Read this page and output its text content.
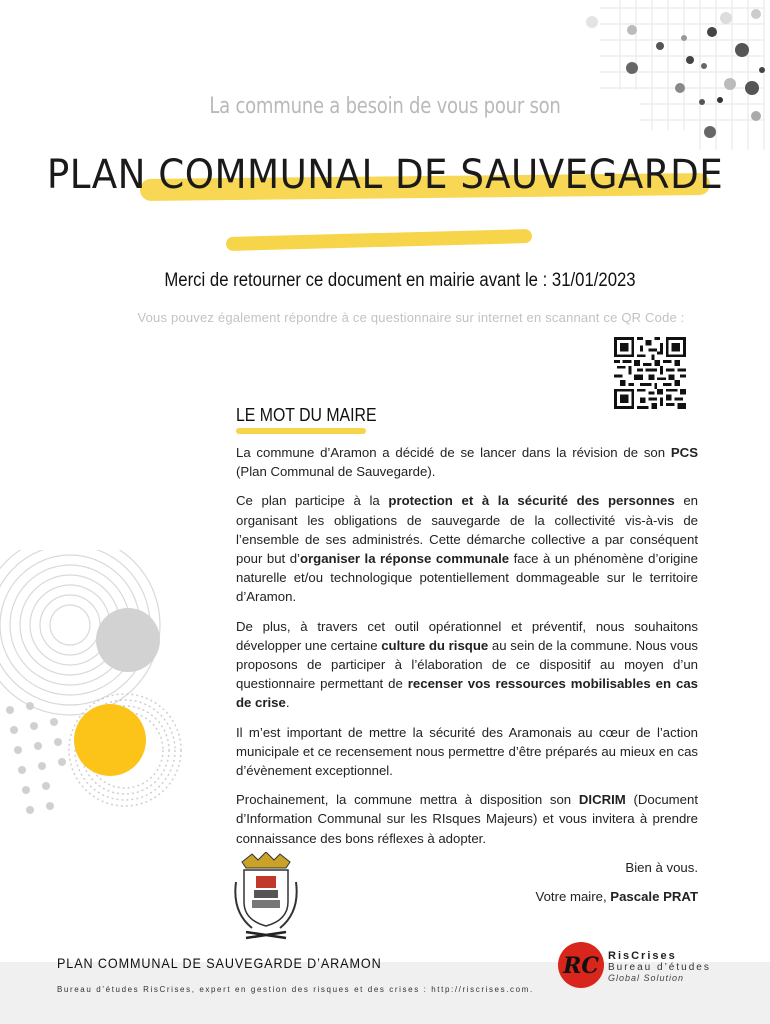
La commune a besoin de vous pour son
PLAN COMMUNAL DE SAUVEGARDE
Merci de retourner ce document en mairie avant le : 31/01/2023
Vous pouvez également répondre à ce questionnaire sur internet en scannant ce QR Code :
LE MOT DU MAIRE

La commune d’Aramon a décidé de se lancer dans la révision de son PCS (Plan Communal de Sauvegarde).

Ce plan participe à la protection et à la sécurité des personnes en organisant les obligations de sauvegarde de la collectivité vis-à-vis de l’ensemble de ses administrés. Cette démarche collective a par conséquent pour but d’organiser la réponse communale face à un phénomène d’origine naturelle et/ou technologique potentiellement dommageable sur le territoire d’Aramon.

De plus, à travers cet outil opérationnel et préventif, nous souhaitons développer une certaine culture du risque au sein de la commune. Nous vous proposons de participer à l’élaboration de ce dispositif au moyen d’un questionnaire permettant de recenser vos ressources mobilisables en cas de crise.

Il m’est important de mettre la sécurité des Aramonais au cœur de l’action municipale et ce recensement nous permettre d’être préparés au mieux en cas d’évènement exceptionnel.

Prochainement, la commune mettra à disposition son DICRIM (Document d’Information Communal sur les RIsques Majeurs) et vous invitera à prendre connaissance des bons réflexes à adopter.

Bien à vous.

Votre maire, Pascale PRAT

PLAN COMMUNAL DE SAUVEGARDE D’ARAMON
Bureau d’études RisCrises, expert en gestion des risques et des crises : http://riscrises.com.
RC RisCrises
Bureau d’études
Global Solution
